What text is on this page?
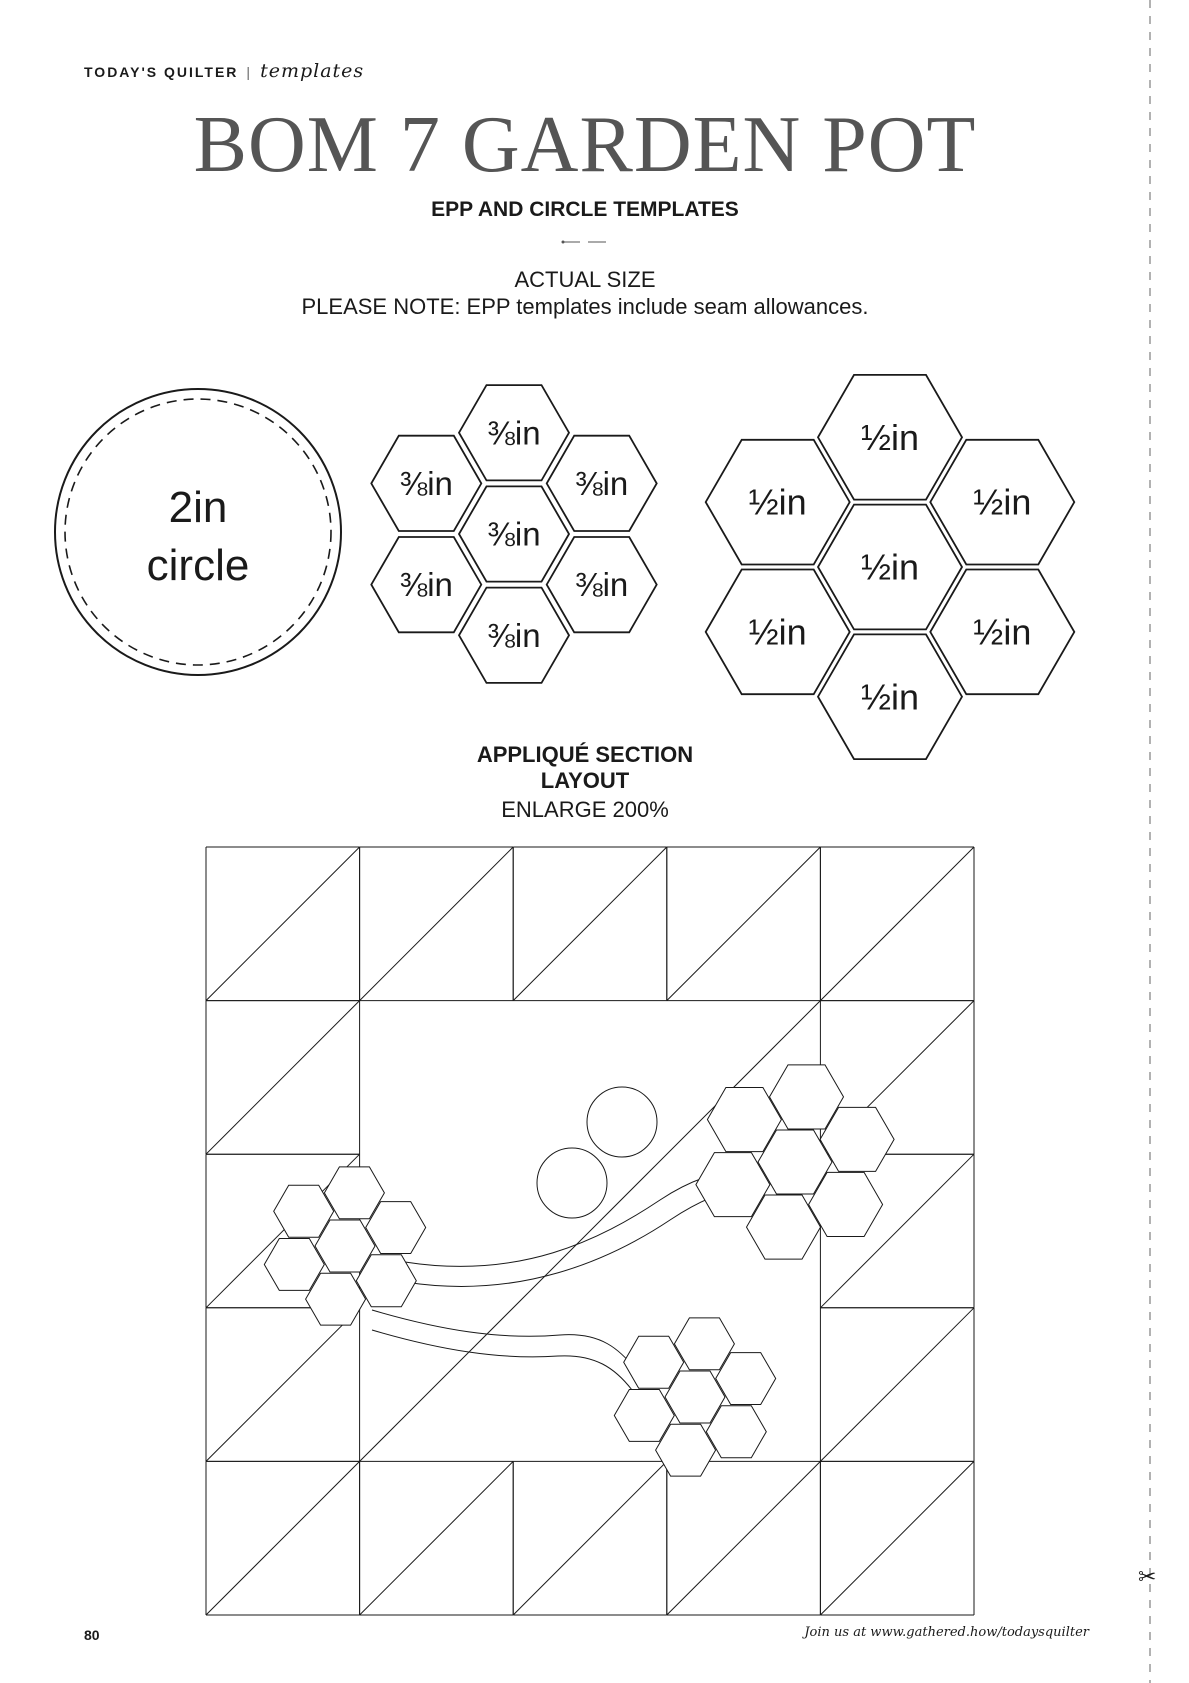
TODAY'S QUILTER | templates
BOM 7 GARDEN POT
EPP AND CIRCLE TEMPLATES
ACTUAL SIZE
PLEASE NOTE: EPP templates include seam allowances.
2in
circle
⅜in
⅜in
⅜in
⅜in
⅜in
⅜in
⅜in	½in
½in
½in
½in
½in
½in
½in
APPLIQUÉ SECTION
LAYOUT
ENLARGE 200%
80	Join us at www.gathered.how/todaysquilter
✂
